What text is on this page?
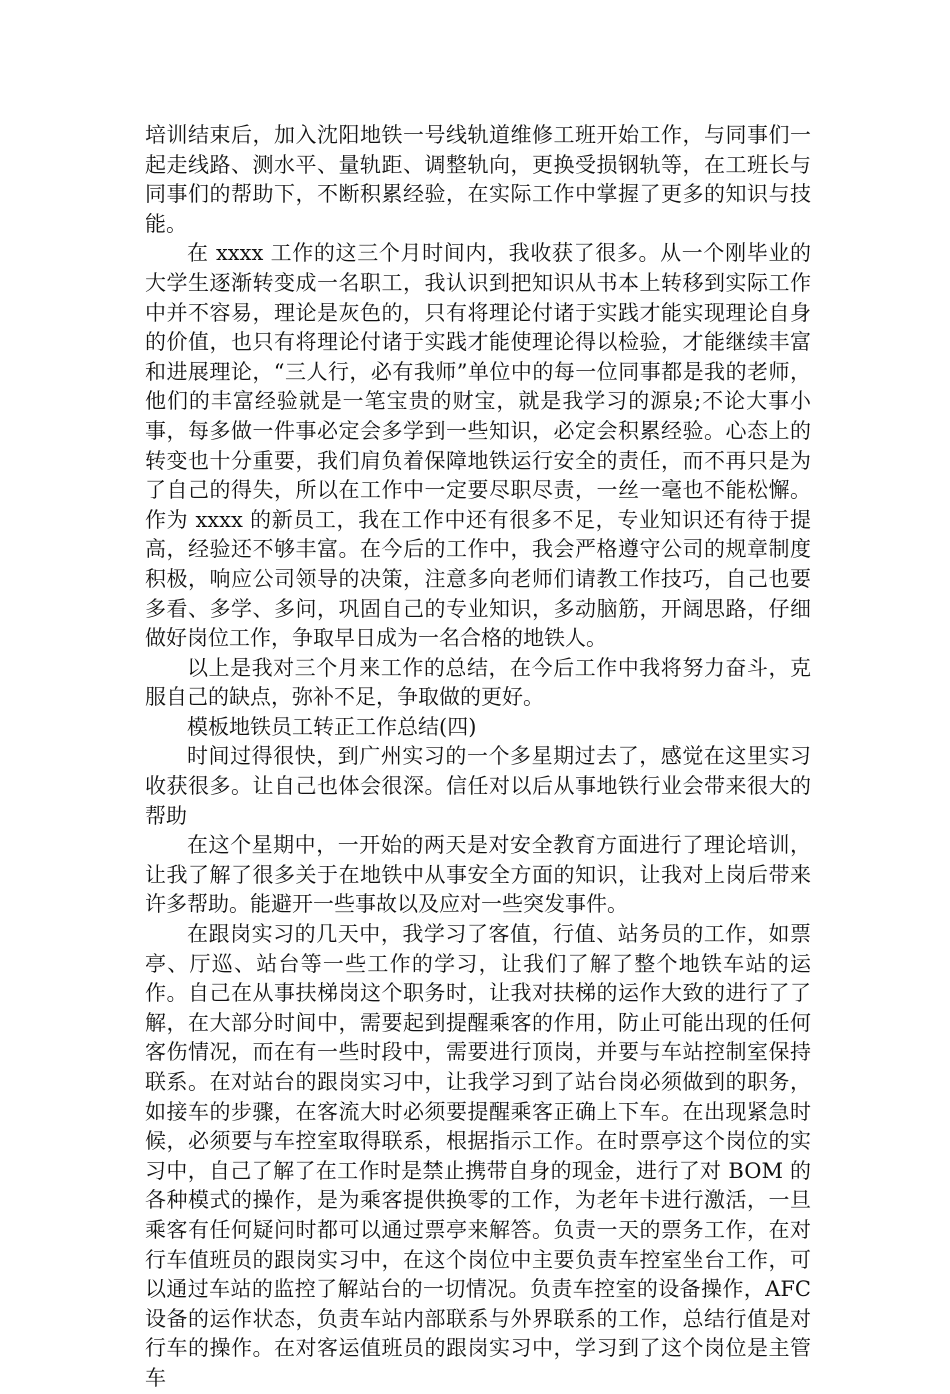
培训结束后，加入沈阳地铁一号线轨道维修工班开始工作，与同事们一起走线路、测水平、量轨距、调整轨向，更换受损钢轨等，在工班长与同事们的帮助下，不断积累经验，在实际工作中掌握了更多的知识与技能。

在 xxxx 工作的这三个月时间内，我收获了很多。从一个刚毕业的大学生逐渐转变成一名职工，我认识到把知识从书本上转移到实际工作中并不容易，理论是灰色的，只有将理论付诸于实践才能实现理论自身的价值，也只有将理论付诸于实践才能使理论得以检验，才能继续丰富和进展理论，“三人行，必有我师”单位中的每一位同事都是我的老师，他们的丰富经验就是一笔宝贵的财宝，就是我学习的源泉;不论大事小事，每多做一件事必定会多学到一些知识，必定会积累经验。心态上的转变也十分重要，我们肩负着保障地铁运行安全的责任，而不再只是为了自己的得失，所以在工作中一定要尽职尽责，一丝一毫也不能松懈。作为 xxxx 的新员工，我在工作中还有很多不足，专业知识还有待于提高，经验还不够丰富。在今后的工作中，我会严格遵守公司的规章制度积极，响应公司领导的决策，注意多向老师们请教工作技巧，自己也要多看、多学、多问，巩固自己的专业知识，多动脑筋，开阔思路，仔细做好岗位工作，争取早日成为一名合格的地铁人。

以上是我对三个月来工作的总结，在今后工作中我将努力奋斗，克服自己的缺点，弥补不足，争取做的更好。

模板地铁员工转正工作总结(四)

时间过得很快，到广州实习的一个多星期过去了，感觉在这里实习收获很多。让自己也体会很深。信任对以后从事地铁行业会带来很大的帮助

在这个星期中，一开始的两天是对安全教育方面进行了理论培训，让我了解了很多关于在地铁中从事安全方面的知识，让我对上岗后带来许多帮助。能避开一些事故以及应对一些突发事件。

在跟岗实习的几天中，我学习了客值，行值、站务员的工作，如票亭、厅巡、站台等一些工作的学习，让我们了解了整个地铁车站的运作。自己在从事扶梯岗这个职务时，让我对扶梯的运作大致的进行了了解，在大部分时间中，需要起到提醒乘客的作用，防止可能出现的任何客伤情况，而在有一些时段中，需要进行顶岗，并要与车站控制室保持联系。在对站台的跟岗实习中，让我学习到了站台岗必须做到的职务，如接车的步骤，在客流大时必须要提醒乘客正确上下车。在出现紧急时候，必须要与车控室取得联系，根据指示工作。在时票亭这个岗位的实习中，自己了解了在工作时是禁止携带自身的现金，进行了对 BOM 的各种模式的操作，是为乘客提供换零的工作，为老年卡进行激活，一旦乘客有任何疑问时都可以通过票亭来解答。负责一天的票务工作，在对行车值班员的跟岗实习中，在这个岗位中主要负责车控室坐台工作，可以通过车站的监控了解站台的一切情况。负责车控室的设备操作，AFC 设备的运作状态，负责车站内部联系与外界联系的工作，总结行值是对行车的操作。在对客运值班员的跟岗实习中，学习到了这个岗位是主管车
